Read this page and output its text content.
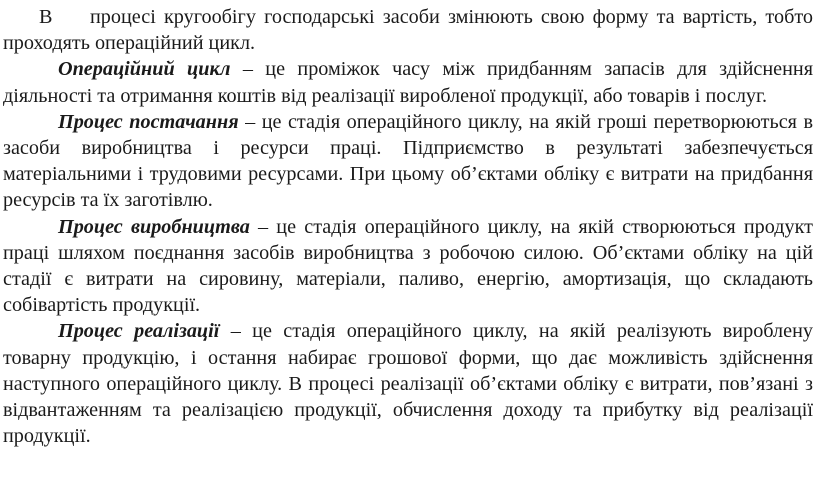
В процесі кругообігу господарські засоби змінюють свою форму та вартість, тобто проходять операційний цикл.

Операційний цикл – це проміжок часу між придбанням запасів для здійснення діяльності та отримання коштів від реалізації виробленої продукції, або товарів і послуг.

Процес постачання – це стадія операційного циклу, на якій гроші перетворюються в засоби виробництва і ресурси праці. Підприємство в результаті забезпечується матеріальними і трудовими ресурсами. При цьому об’єктами обліку є витрати на придбання ресурсів та їх заготівлю.

Процес виробництва – це стадія операційного циклу, на якій створюються продукт праці шляхом поєднання засобів виробництва з робочою силою. Об’єктами обліку на цій стадії є витрати на сировину, матеріали, паливо, енергію, амортизація, що складають собівартість продукції.

Процес реалізації – це стадія операційного циклу, на якій реалізують вироблену товарну продукцію, і остання набирає грошової форми, що дає можливість здійснення наступного операційного циклу. В процесі реалізації об’єктами обліку є витрати, пов’язані з відвантаженням та реалізацією продукції, обчислення доходу та прибутку від реалізації продукції.
